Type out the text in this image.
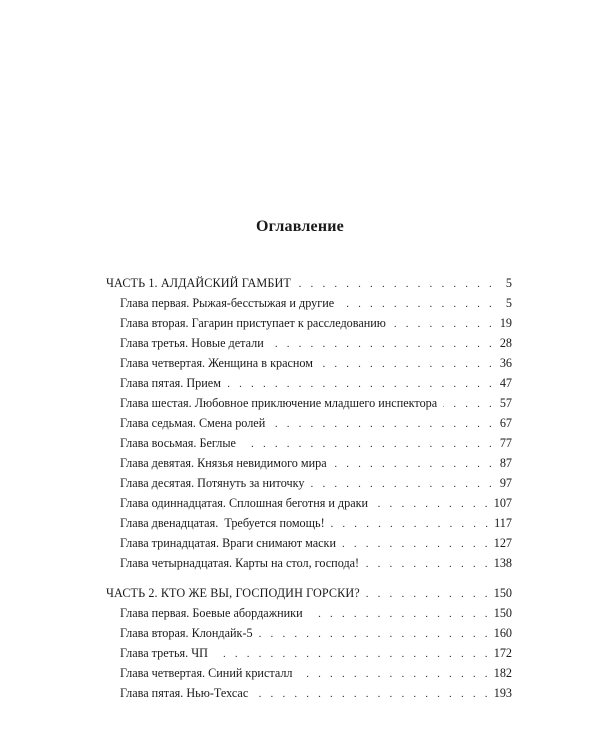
Оглавление
ЧАСТЬ 1. АЛДАЙСКИЙ ГАМБИТ . . .	5
Глава первая. Рыжая-бесстыжая и другие . . .	5
Глава вторая. Гагарин приступает к расследованию . . .	19
Глава третья. Новые детали . . .	28
Глава четвертая. Женщина в красном . . .	36
Глава пятая. Прием . . .	47
Глава шестая. Любовное приключение младшего инспектора . . .	57
Глава седьмая. Смена ролей . . .	67
Глава восьмая. Беглые . . .	77
Глава девятая. Князья невидимого мира . . .	87
Глава десятая. Потянуть за ниточку . . .	97
Глава одиннадцатая. Сплошная беготня и драки . . .	107
Глава двенадцатая.  Требуется помощь! . . .	117
Глава тринадцатая. Враги снимают маски . . .	127
Глава четырнадцатая. Карты на стол, господа! . . .	138
ЧАСТЬ 2. КТО ЖЕ ВЫ, ГОСПОДИН ГОРСКИ? . . .	150
Глава первая. Боевые абордажники . . .	150
Глава вторая. Клондайк-5 . . .	160
Глава третья. ЧП . . .	172
Глава четвертая. Синий кристалл . . .	182
Глава пятая. Нью-Техсас . . .	193
